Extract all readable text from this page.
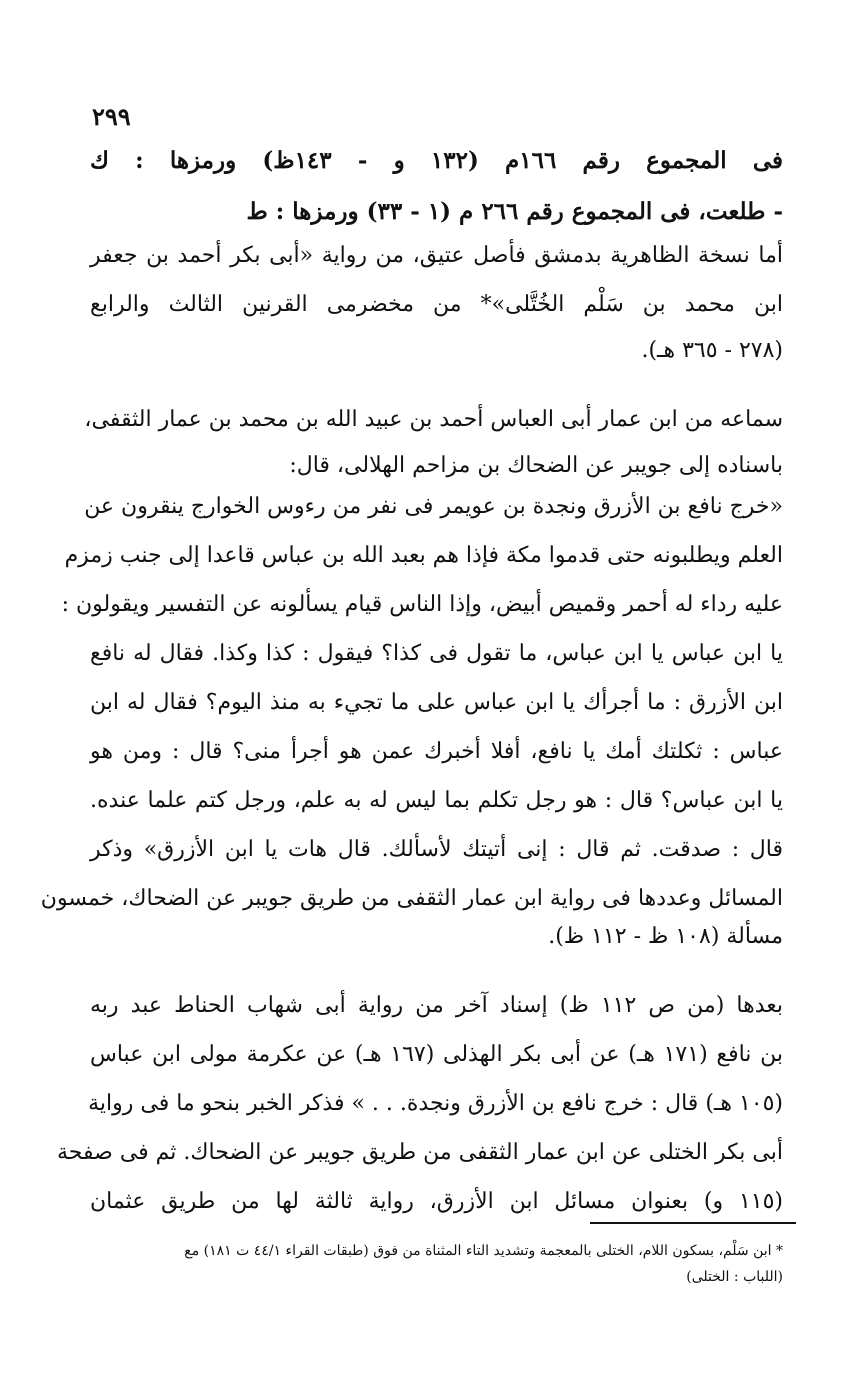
٢٩٩
فى المجموع رقم ١٦٦م (١٣٢ و - ١٤٣ظ) ورمزها : ك
- طلعت، فى المجموع رقم ٢٦٦ م (١ - ٣٣) ورمزها : ط
أما نسخة الظاهرية بدمشق فأصل عتيق، من رواية «أبى بكر أحمد بن جعفر
ابن محمد بن سَلْم الخُتَّلى»* من مخضرمى القرنين الثالث والرابع
(٢٧٨ - ٣٦٥ هـ).
سماعه من ابن عمار أبى العباس أحمد بن عبيد الله بن محمد بن عمار الثقفى،
باسناده إلى جويبر عن الضحاك بن مزاحم الهلالى، قال:
«خرج نافع بن الأزرق ونجدة بن عويمر فى نفر من رءوس الخوارج ينقرون عن
العلم ويطلبونه حتى قدموا مكة فإذا هم بعبد الله بن عباس قاعدا إلى جنب زمزم
عليه رداء له أحمر وقميص أبيض، وإذا الناس قيام يسألونه عن التفسير ويقولون :
يا ابن عباس يا ابن عباس، ما تقول فى كذا؟ فيقول : كذا وكذا. فقال له نافع
ابن الأزرق : ما أجرأك يا ابن عباس على ما تجيء به منذ اليوم؟ فقال له ابن
عباس : ثكلتك أمك يا نافع، أفلا أخبرك عمن هو أجرأ منى؟ قال : ومن هو
يا ابن عباس؟ قال : هو رجل تكلم بما ليس له به علم، ورجل كتم علما عنده.
قال : صدقت. ثم قال : إنى أتيتك لأسألك. قال هات يا ابن الأزرق» وذكر
المسائل وعددها فى رواية ابن عمار الثقفى من طريق جويبر عن الضحاك، خمسون
مسألة (١٠٨ ظ - ١١٢ ظ).
بعدها (من ص ١١٢ ظ) إسناد آخر من رواية أبى شهاب الحناط عبد ربه
بن نافع (١٧١ هـ) عن أبى بكر الهذلى (١٦٧ هـ) عن عكرمة مولى ابن عباس
(١٠٥ هـ) قال : خرج نافع بن الأزرق ونجدة. . . » فذكر الخبر بنحو ما فى رواية
أبى بكر الختلى عن ابن عمار الثقفى من طريق جويبر عن الضحاك. ثم فى صفحة
(١١٥ و) بعنوان مسائل ابن الأزرق، رواية ثالثة لها من طريق عثمان
* ابن سَلْم، بسكون اللام، الختلى بالمعجمة وتشديد التاء المثناة من فوق (طبقات القراء ٤٤/١ ت ١٨١) مع
(اللباب : الختلى)
